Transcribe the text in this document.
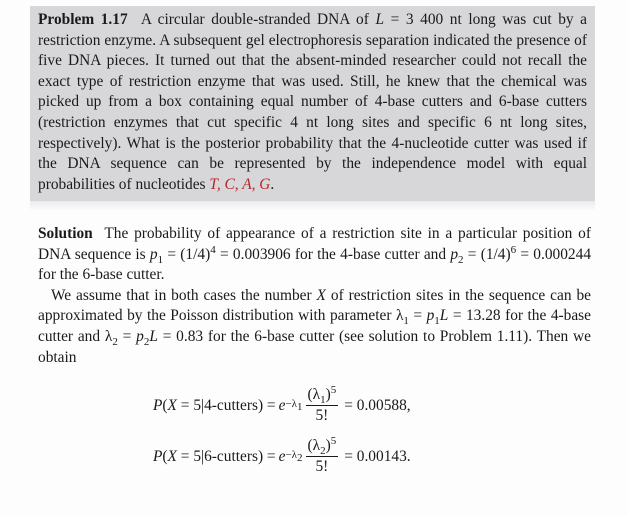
Problem 1.17 A circular double-stranded DNA of L = 3 400 nt long was cut by a restriction enzyme. A subsequent gel electrophoresis separation indicated the presence of five DNA pieces. It turned out that the absent-minded researcher could not recall the exact type of restriction enzyme that was used. Still, he knew that the chemical was picked up from a box containing equal number of 4-base cutters and 6-base cutters (restriction enzymes that cut specific 4 nt long sites and specific 6 nt long sites, respectively). What is the posterior probability that the 4-nucleotide cutter was used if the DNA sequence can be represented by the independence model with equal probabilities of nucleotides T, C, A, G.

Solution The probability of appearance of a restriction site in a particular position of DNA sequence is $p_1 = (1/4)^4 = 0.003906$ for the 4-base cutter and $p_2 = (1/4)^6 = 0.000244$ for the 6-base cutter.

We assume that in both cases the number X of restriction sites in the sequence can be approximated by the Poisson distribution with parameter $\lambda_1 = p_1L = 13.28$ for the 4-base cutter and $\lambda_2 = p_2L = 0.83$ for the 6-base cutter (see solution to Problem 1.11). Then we obtain

P(X = 5|4-cutters) = $e -\lambda_1 \frac{(\lambda_1)^5}{5!} = 0.00588$,
P(X = 5|6-cutters) = $e -\lambda_2 \frac{(\lambda_2)^5}{5!} = 0.00143$.
